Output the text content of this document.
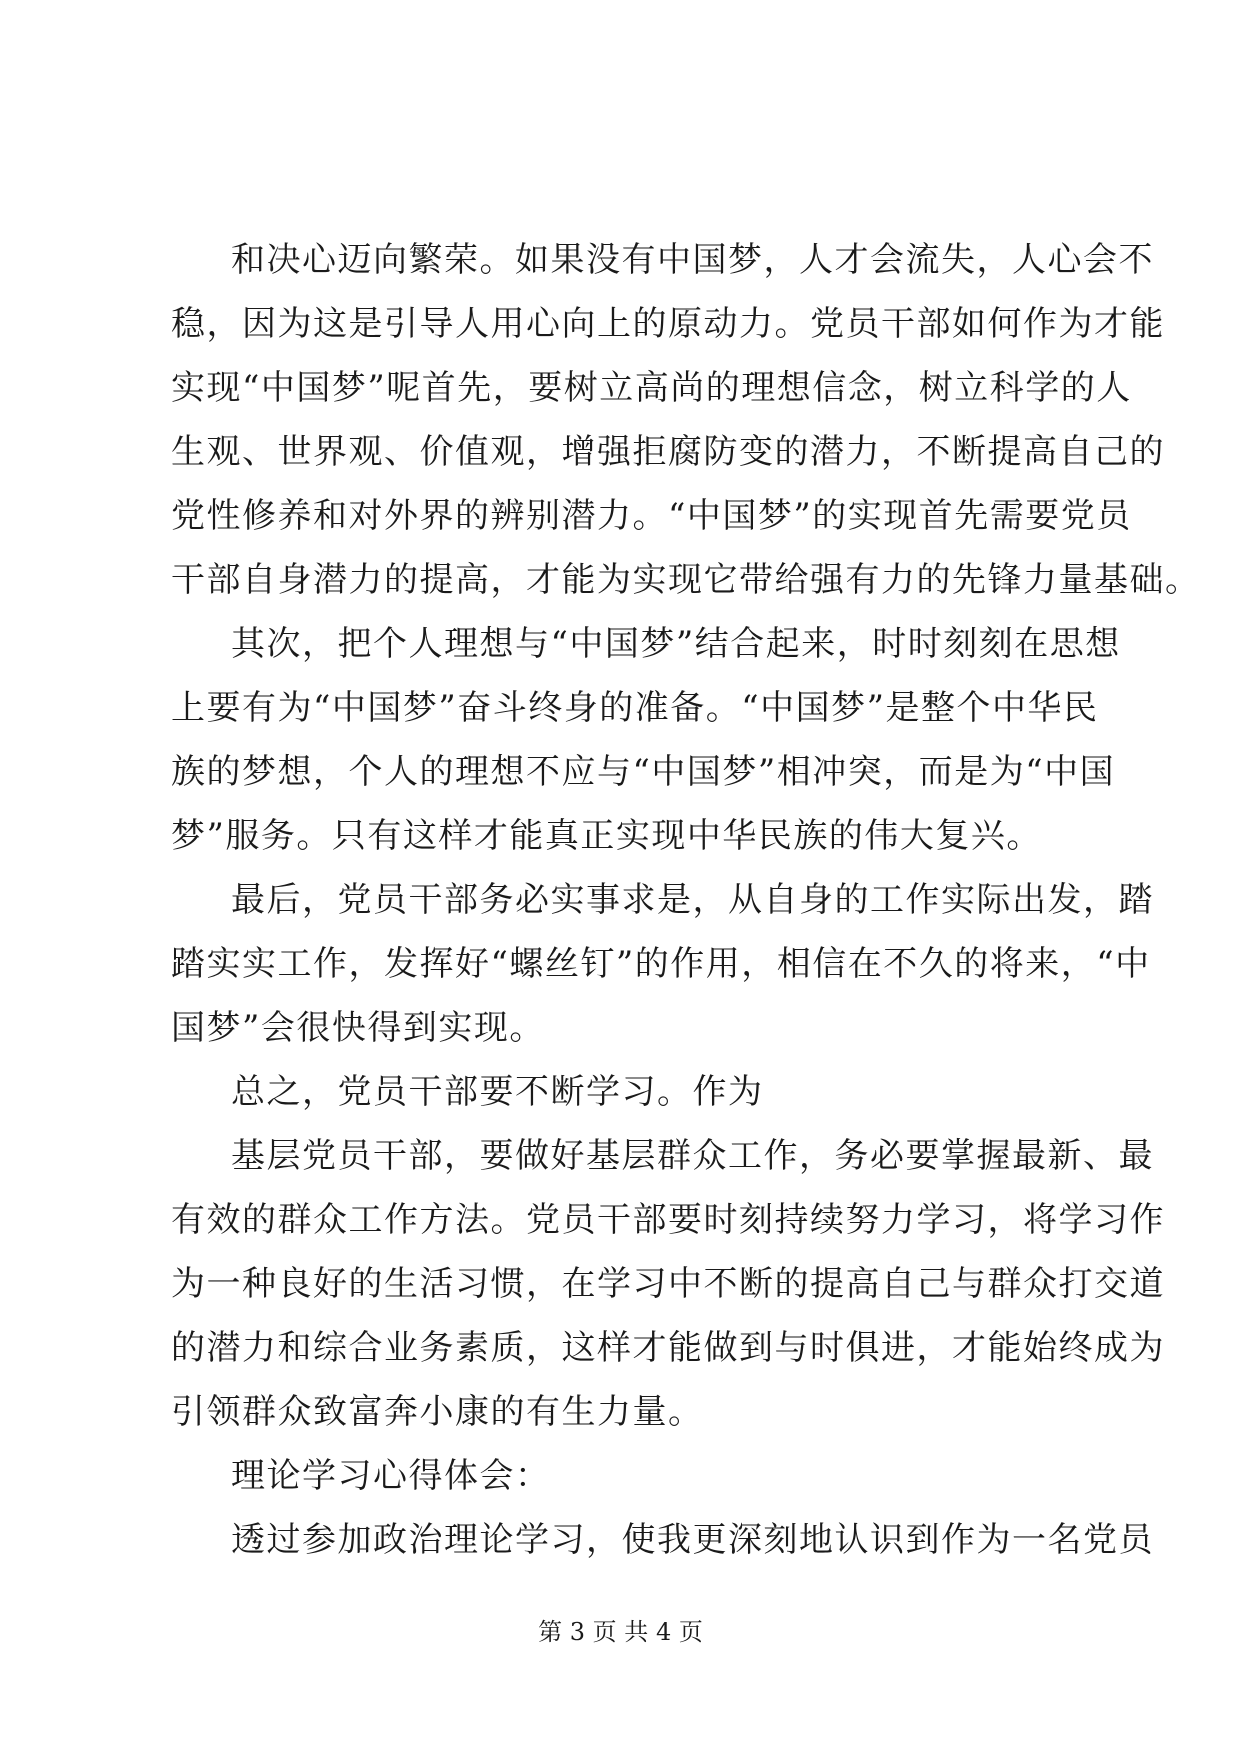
和决心迈向繁荣。如果没有中国梦，人才会流失，人心会不
稳，因为这是引导人用心向上的原动力。党员干部如何作为才能
实现“中国梦”呢首先，要树立高尚的理想信念，树立科学的人
生观、世界观、价值观，增强拒腐防变的潜力，不断提高自己的
党性修养和对外界的辨别潜力。“中国梦”的实现首先需要党员
干部自身潜力的提高，才能为实现它带给强有力的先锋力量基础。
其次，把个人理想与“中国梦”结合起来，时时刻刻在思想
上要有为“中国梦”奋斗终身的准备。“中国梦”是整个中华民
族的梦想，个人的理想不应与“中国梦”相冲突，而是为“中国
梦”服务。只有这样才能真正实现中华民族的伟大复兴。
最后，党员干部务必实事求是，从自身的工作实际出发，踏
踏实实工作，发挥好“螺丝钉”的作用，相信在不久的将来，“中
国梦”会很快得到实现。
总之，党员干部要不断学习。作为
基层党员干部，要做好基层群众工作，务必要掌握最新、最
有效的群众工作方法。党员干部要时刻持续努力学习，将学习作
为一种良好的生活习惯，在学习中不断的提高自己与群众打交道
的潜力和综合业务素质，这样才能做到与时俱进，才能始终成为
引领群众致富奔小康的有生力量。
理论学习心得体会：
透过参加政治理论学习，使我更深刻地认识到作为一名党员
第 3 页 共 4 页
